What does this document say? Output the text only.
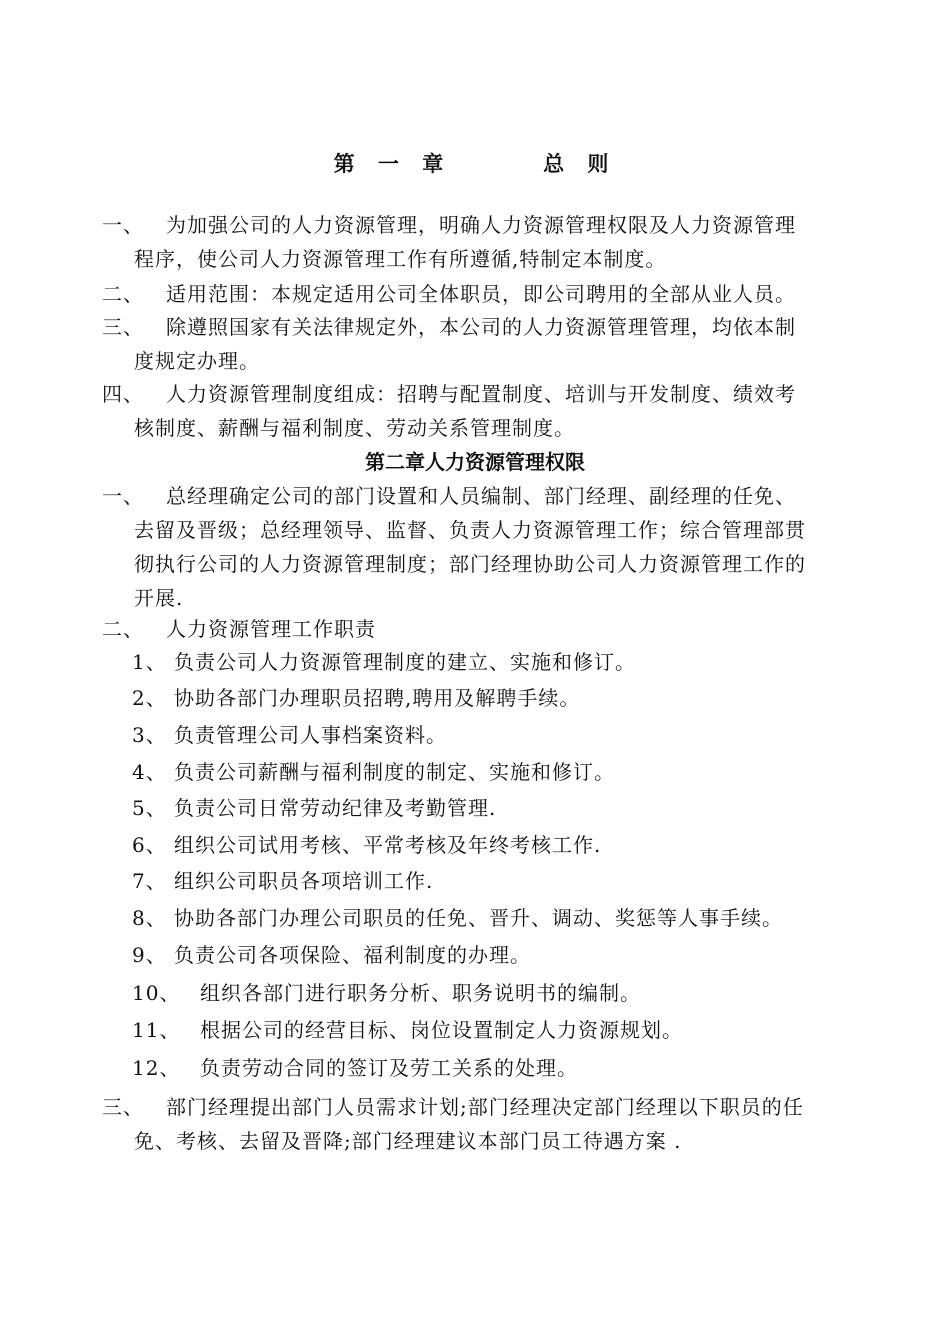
第 一 章      总 则
一、 为加强公司的人力资源管理，明确人力资源管理权限及人力资源管理
程序，使公司人力资源管理工作有所遵循,特制定本制度。
二、 适用范围：本规定适用公司全体职员，即公司聘用的全部从业人员。
三、 除遵照国家有关法律规定外，本公司的人力资源管理管理，均依本制
度规定办理。
四、 人力资源管理制度组成：招聘与配置制度、培训与开发制度、绩效考
核制度、薪酬与福利制度、劳动关系管理制度。
第二章人力资源管理权限
一、 总经理确定公司的部门设置和人员编制、部门经理、副经理的任免、
去留及晋级；总经理领导、监督、负责人力资源管理工作；综合管理部贯
彻执行公司的人力资源管理制度；部门经理协助公司人力资源管理工作的
开展.
二、 人力资源管理工作职责
1、 负责公司人力资源管理制度的建立、实施和修订。
2、 协助各部门办理职员招聘,聘用及解聘手续。
3、 负责管理公司人事档案资料。
4、 负责公司薪酬与福利制度的制定、实施和修订。
5、 负责公司日常劳动纪律及考勤管理.
6、 组织公司试用考核、平常考核及年终考核工作.
7、 组织公司职员各项培训工作.
8、 协助各部门办理公司职员的任免、晋升、调动、奖惩等人事手续。
9、 负责公司各项保险、福利制度的办理。
10、 组织各部门进行职务分析、职务说明书的编制。
11、 根据公司的经营目标、岗位设置制定人力资源规划。
12、 负责劳动合同的签订及劳工关系的处理。
三、 部门经理提出部门人员需求计划;部门经理决定部门经理以下职员的任
免、考核、去留及晋降;部门经理建议本部门员工待遇方案 .
